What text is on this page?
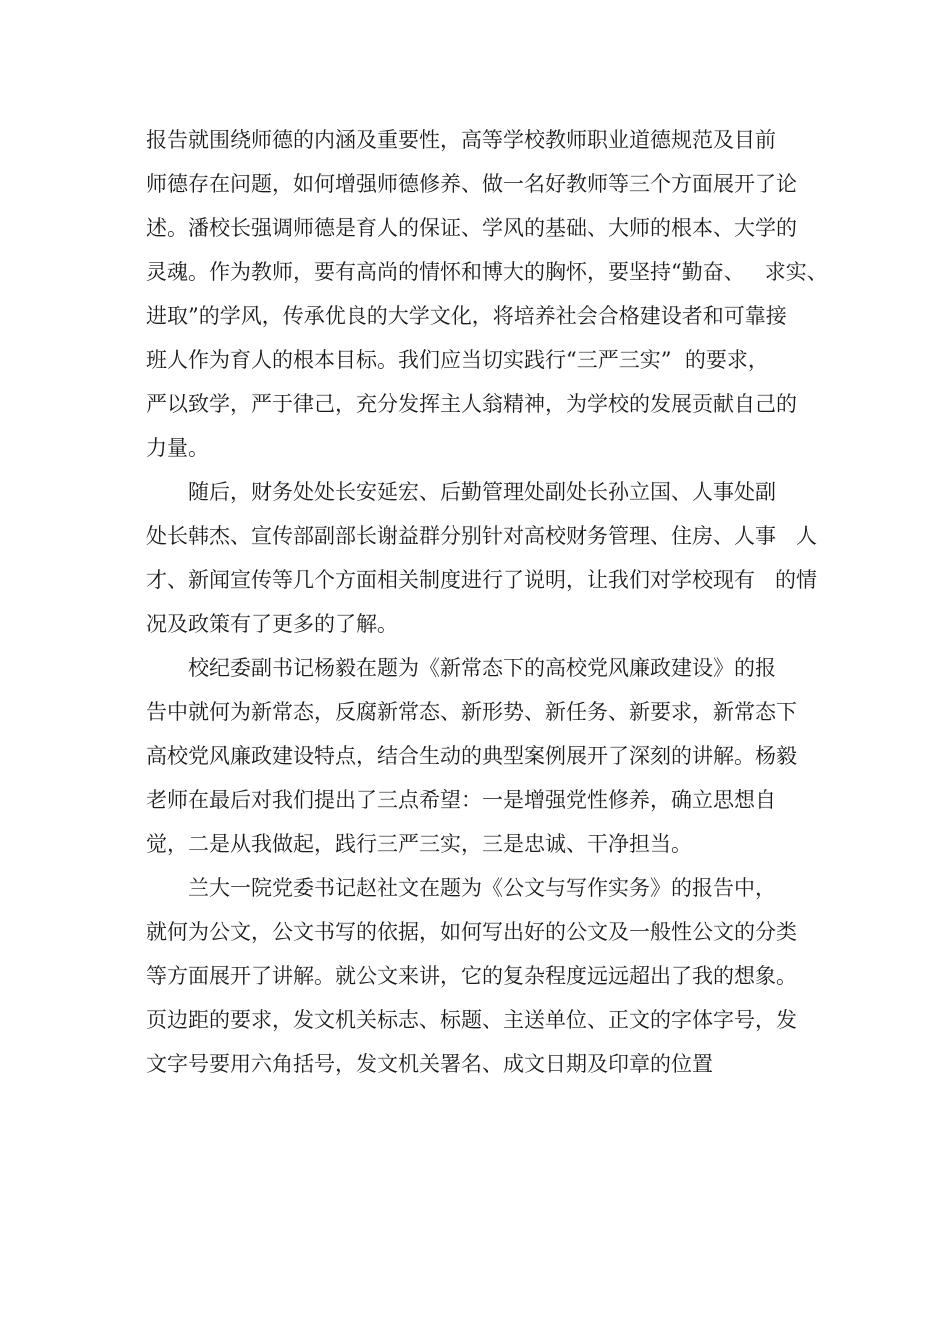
报告就围绕师德的内涵及重要性，高等学校教师职业道德规范及目前
师德存在问题，如何增强师德修养、做一名好教师等三个方面展开了论
述。潘校长强调师德是育人的保证、学风的基础、大师的根本、大学的
灵魂。作为教师，要有高尚的情怀和博大的胸怀，要坚持“勤奋、   求实、
进取”的学风，传承优良的大学文化，将培养社会合格建设者和可靠接
班人作为育人的根本目标。我们应当切实践行“三严三实”  的要求，
严以致学，严于律己，充分发挥主人翁精神，为学校的发展贡献自己的
力量。
随后，财务处处长安延宏、后勤管理处副处长孙立国、人事处副
处长韩杰、宣传部副部长谢益群分别针对高校财务管理、住房、人事   人
才、新闻宣传等几个方面相关制度进行了说明，让我们对学校现有   的情
况及政策有了更多的了解。
校纪委副书记杨毅在题为《新常态下的高校党风廉政建设》的报
告中就何为新常态，反腐新常态、新形势、新任务、新要求，新常态下
高校党风廉政建设特点，结合生动的典型案例展开了深刻的讲解。杨毅
老师在最后对我们提出了三点希望：一是增强党性修养，确立思想自
觉，二是从我做起，践行三严三实，三是忠诚、干净担当。
兰大一院党委书记赵社文在题为《公文与写作实务》的报告中，
就何为公文，公文书写的依据，如何写出好的公文及一般性公文的分类
等方面展开了讲解。就公文来讲，它的复杂程度远远超出了我的想象。
页边距的要求，发文机关标志、标题、主送单位、正文的字体字号，发
文字号要用六角括号，发文机关署名、成文日期及印章的位置
